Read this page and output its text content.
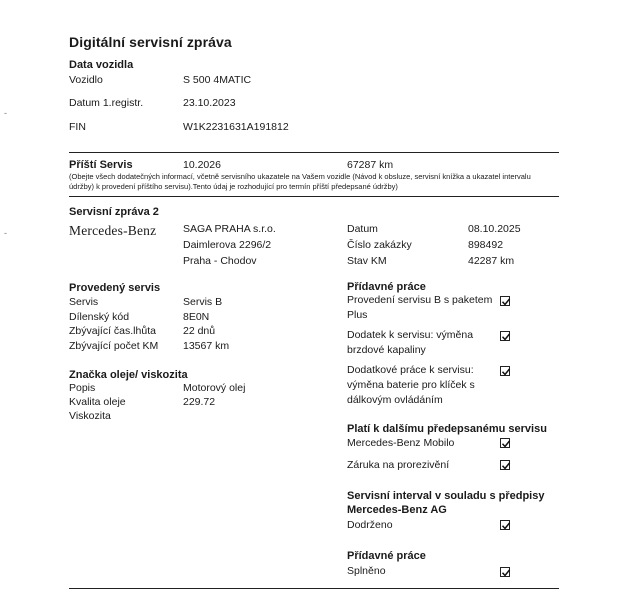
-
-
Digitální servisní zpráva
Data vozidla
Vozidlo	S 500 4MATIC
Datum 1.registr.	23.10.2023
FIN	W1K2231631A191812
Příští Servis	10.2026	67287 km
(Obejte všech dodatečných informací, včetně servisního ukazatele na Vašem vozidle (Návod k obsluze, servisní knížka a ukazatel intervalu údržby) k provedení příštího servisu).Tento údaj je rozhodující pro termín příští předepsané údržby)
Servisní zpráva 2
Mercedes-Benz	SAGA PRAHA s.r.o.
Daimlerova 2296/2
Praha - Chodov
Datum	08.10.2025
Číslo zakázky	898492
Stav KM	42287 km
Provedený servis
Servis	Servis B
Dílenský kód	8E0N
Zbývající čas.lhůta	22 dnů
Zbývající počet KM 13567 km
Značka oleje/ viskozita
Popis	Motorový olej
Kvalita oleje	229.72
Viskozita
Přídavné práce
Provedení servisu B s paketem Plus
Dodatek k servisu: výměna brzdové kapaliny
Dodatkové práce k servisu: výměna baterie pro klíček s dálkovým ovládáním
Platí k dalšímu předepsanému servisu
Mercedes-Benz Mobilo
Záruka na prorezivění
Servisní interval v souladu s předpisy
Mercedes-Benz AG
Dodrženo
Přídavné práce
Splněno
